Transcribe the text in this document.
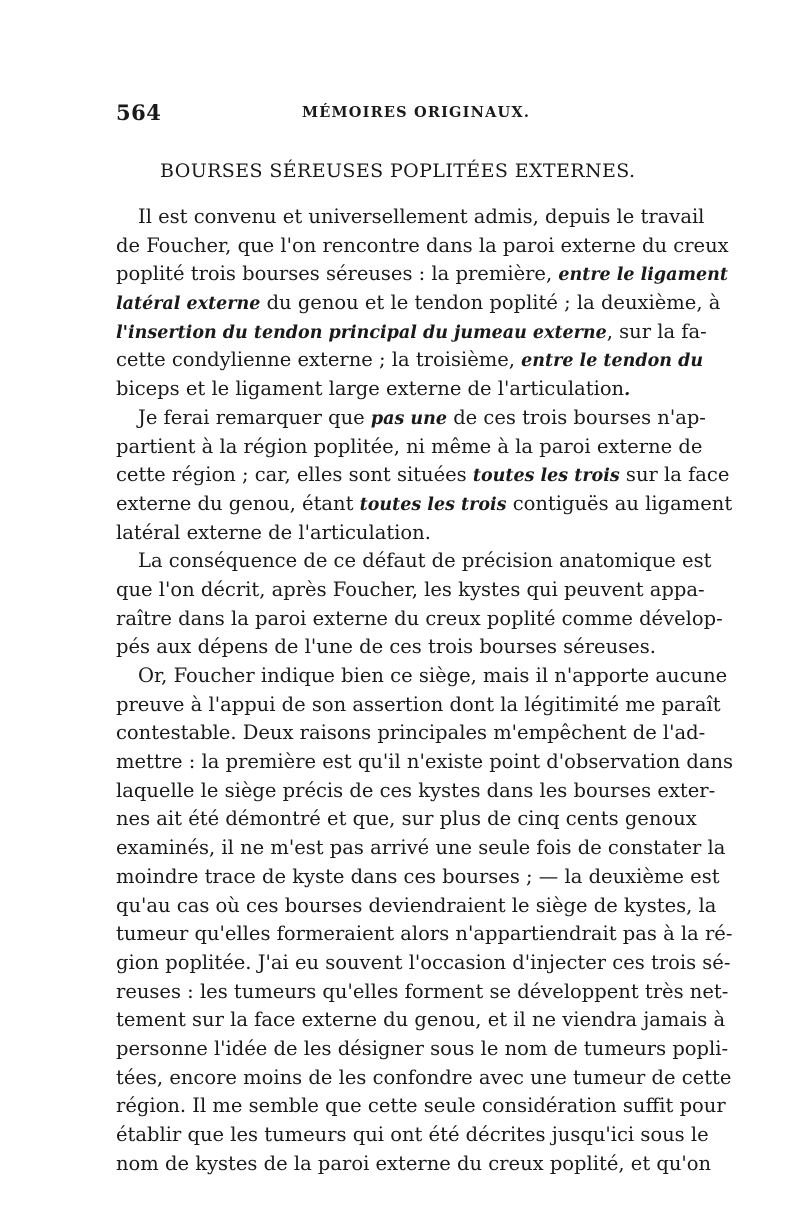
564	MÉMOIRES ORIGINAUX.
BOURSES SÉREUSES POPLITÉES EXTERNES.
Il est convenu et universellement admis, depuis le travail
de Foucher, que l'on rencontre dans la paroi externe du creux
poplité trois bourses séreuses : la première, entre le ligament
latéral externe du genou et le tendon poplité ; la deuxième, à
l'insertion du tendon principal du jumeau externe, sur la fa-
cette condylienne externe ; la troisième, entre le tendon du
biceps et le ligament large externe de l'articulation.
Je ferai remarquer que pas une de ces trois bourses n'ap-
partient à la région poplitée, ni même à la paroi externe de
cette région ; car, elles sont situées toutes les trois sur la face
externe du genou, étant toutes les trois contiguës au ligament
latéral externe de l'articulation.
La conséquence de ce défaut de précision anatomique est
que l'on décrit, après Foucher, les kystes qui peuvent appa-
raître dans la paroi externe du creux poplité comme dévelop-
pés aux dépens de l'une de ces trois bourses séreuses.
Or, Foucher indique bien ce siège, mais il n'apporte aucune
preuve à l'appui de son assertion dont la légitimité me paraît
contestable. Deux raisons principales m'empêchent de l'ad-
mettre : la première est qu'il n'existe point d'observation dans
laquelle le siège précis de ces kystes dans les bourses exter-
nes ait été démontré et que, sur plus de cinq cents genoux
examinés, il ne m'est pas arrivé une seule fois de constater la
moindre trace de kyste dans ces bourses ; — la deuxième est
qu'au cas où ces bourses deviendraient le siège de kystes, la
tumeur qu'elles formeraient alors n'appartiendrait pas à la ré-
gion poplitée. J'ai eu souvent l'occasion d'injecter ces trois sé-
reuses : les tumeurs qu'elles forment se développent très net-
tement sur la face externe du genou, et il ne viendra jamais à
personne l'idée de les désigner sous le nom de tumeurs popli-
tées, encore moins de les confondre avec une tumeur de cette
région. Il me semble que cette seule considération suffit pour
établir que les tumeurs qui ont été décrites jusqu'ici sous le
nom de kystes de la paroi externe du creux poplité, et qu'on
